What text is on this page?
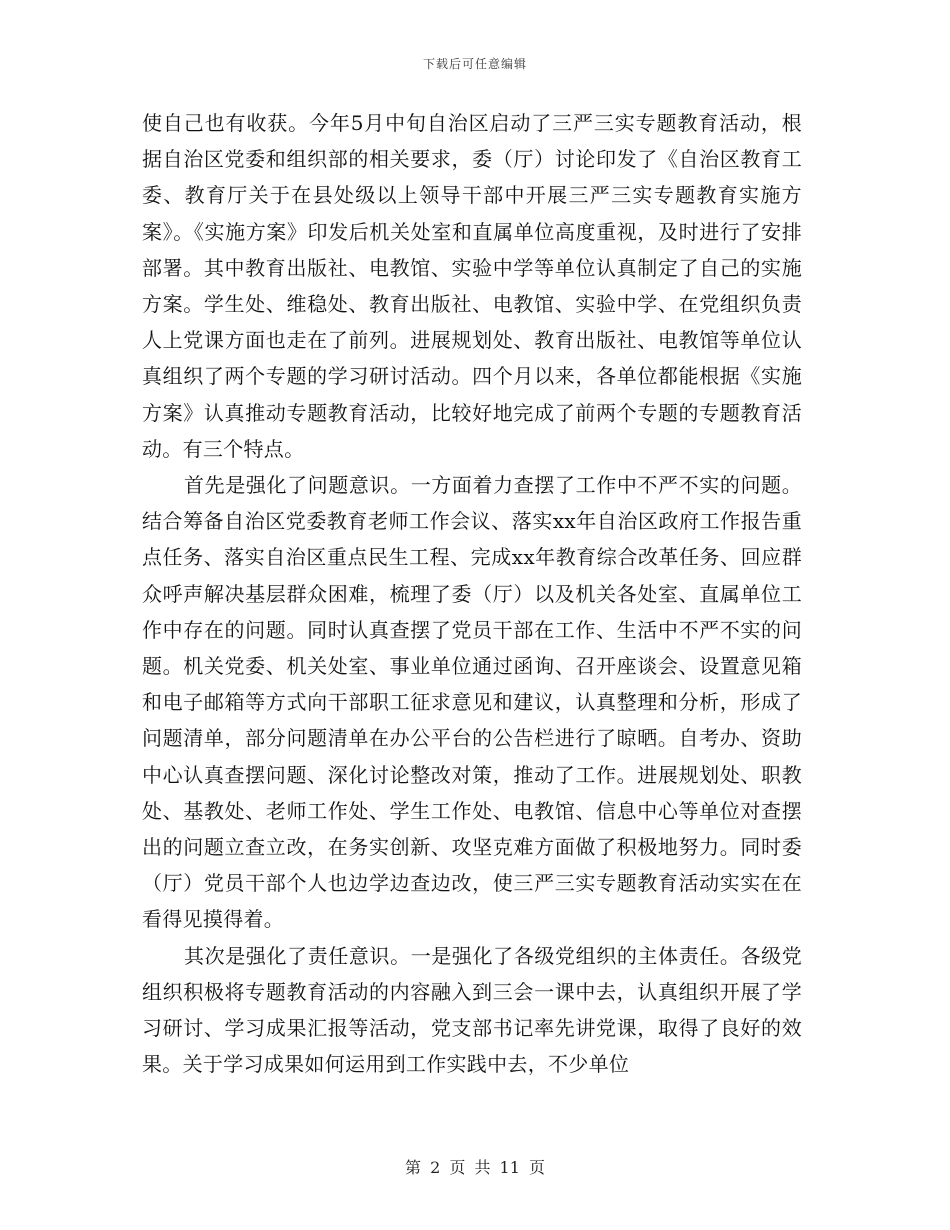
下载后可任意编辑

使自己也有收获。今年5月中旬自治区启动了三严三实专题教育活动，根据自治区党委和组织部的相关要求，委（厅）讨论印发了《自治区教育工委、教育厅关于在县处级以上领导干部中开展三严三实专题教育实施方案》。《实施方案》印发后机关处室和直属单位高度重视，及时进行了安排部署。其中教育出版社、电教馆、实验中学等单位认真制定了自己的实施方案。学生处、维稳处、教育出版社、电教馆、实验中学、在党组织负责人上党课方面也走在了前列。进展规划处、教育出版社、电教馆等单位认真组织了两个专题的学习研讨活动。四个月以来，各单位都能根据《实施方案》认真推动专题教育活动，比较好地完成了前两个专题的专题教育活动。有三个特点。

首先是强化了问题意识。一方面着力查摆了工作中不严不实的问题。结合筹备自治区党委教育老师工作会议、落实xx年自治区政府工作报告重点任务、落实自治区重点民生工程、完成xx年教育综合改革任务、回应群众呼声解决基层群众困难，梳理了委（厅）以及机关各处室、直属单位工作中存在的问题。同时认真查摆了党员干部在工作、生活中不严不实的问题。机关党委、机关处室、事业单位通过函询、召开座谈会、设置意见箱和电子邮箱等方式向干部职工征求意见和建议，认真整理和分析，形成了问题清单，部分问题清单在办公平台的公告栏进行了晾晒。自考办、资助中心认真查摆问题、深化讨论整改对策，推动了工作。进展规划处、职教处、基教处、老师工作处、学生工作处、电教馆、信息中心等单位对查摆出的问题立查立改，在务实创新、攻坚克难方面做了积极地努力。同时委（厅）党员干部个人也边学边查边改，使三严三实专题教育活动实实在在看得见摸得着。

其次是强化了责任意识。一是强化了各级党组织的主体责任。各级党组织积极将专题教育活动的内容融入到三会一课中去，认真组织开展了学习研讨、学习成果汇报等活动，党支部书记率先讲党课，取得了良好的效果。关于学习成果如何运用到工作实践中去，不少单位

第 2 页 共 11 页
